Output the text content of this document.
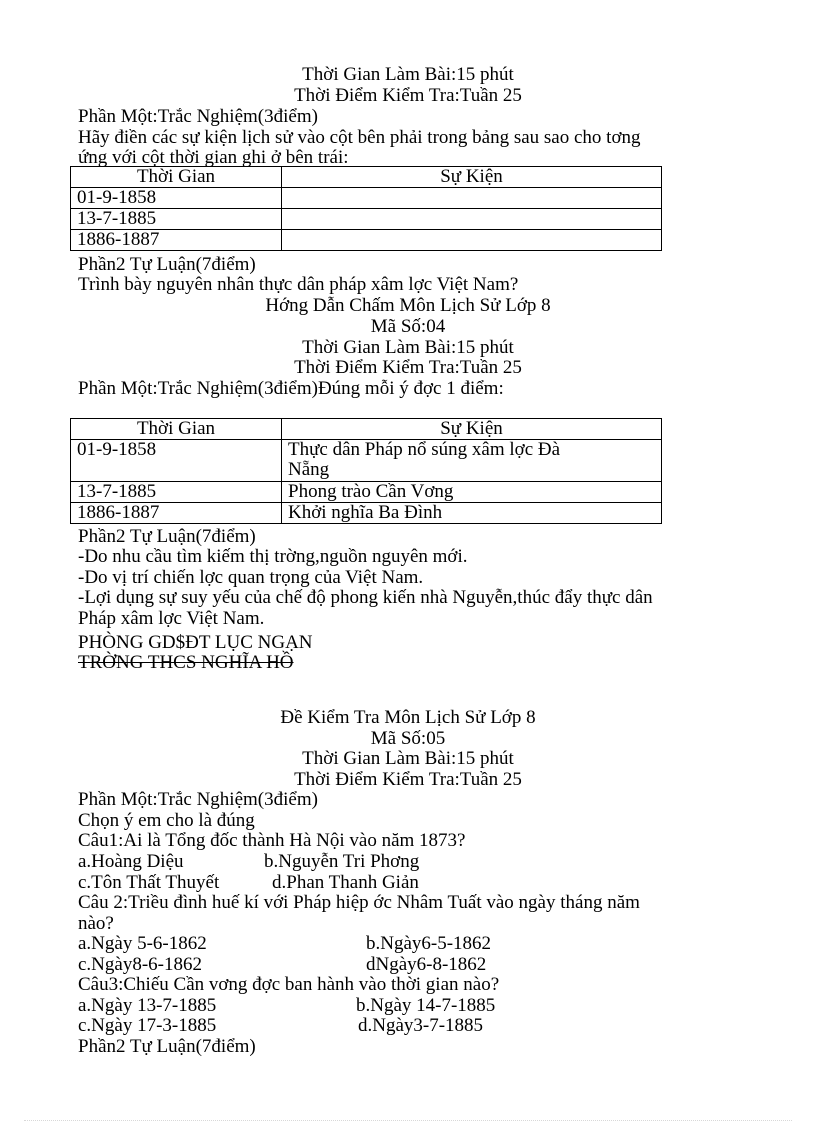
Thời Gian Làm Bài:15 phút
Thời Điểm Kiểm Tra:Tuần 25
Phần Một:Trắc Nghiệm(3điểm)
Hãy điền các sự kiện lịch sử vào cột bên phải trong bảng sau sao cho tơng
ứng với cột thời gian ghi ở bên trái:
Thời Gian	Sự Kiện
01-9-1858	
13-7-1885	
1886-1887	
Phần2 Tự Luận(7điểm)
Trình bày nguyên nhân thực dân pháp xâm lợc Việt Nam?
Hớng Dẫn Chấm Môn Lịch Sử Lớp 8
Mã Số:04
Thời Gian Làm Bài:15 phút
Thời Điểm Kiểm Tra:Tuần 25
Phần Một:Trắc Nghiệm(3điểm)Đúng mỗi ý đợc 1 điểm:
Thời Gian	Sự Kiện
01-9-1858	Thực dân Pháp nổ súng xâm lợc Đà
Nẵng

13-7-1885	Phong trào Cần Vơng
1886-1887	Khởi nghĩa Ba Đình
Phần2 Tự Luận(7điểm)
-Do nhu cầu tìm kiếm thị trờng,nguồn nguyên mới.
-Do vị trí chiến lợc quan trọng của Việt Nam.
-Lợi dụng sự suy yếu của chế độ phong kiến nhà Nguyễn,thúc đẩy thực dân
Pháp xâm lợc Việt Nam.
PHÒNG GD$ĐT LỤC NGẠN
TRỜNG THCS NGHĨA HỒ
Đề Kiểm Tra Môn Lịch Sử Lớp 8
Mã Số:05
Thời Gian Làm Bài:15 phút
Thời Điểm Kiểm Tra:Tuần 25
Phần Một:Trắc Nghiệm(3điểm)
Chọn ý em cho là đúng
Câu1:Ai là Tổng đốc thành Hà Nội vào năm 1873?
a.Hoàng Diệu	b.Nguyễn Tri Phơng
c.Tôn Thất Thuyết	d.Phan Thanh Giản
Câu 2:Triều đình huế kí với Pháp hiệp ớc Nhâm Tuất vào ngày tháng năm
nào?
a.Ngày 5-6-1862	b.Ngày6-5-1862
c.Ngày8-6-1862	dNgày6-8-1862
Câu3:Chiếu Cần vơng đợc ban hành vào thời gian nào?
a.Ngày 13-7-1885	b.Ngày 14-7-1885
c.Ngày 17-3-1885	d.Ngày3-7-1885
Phần2 Tự Luận(7điểm)
